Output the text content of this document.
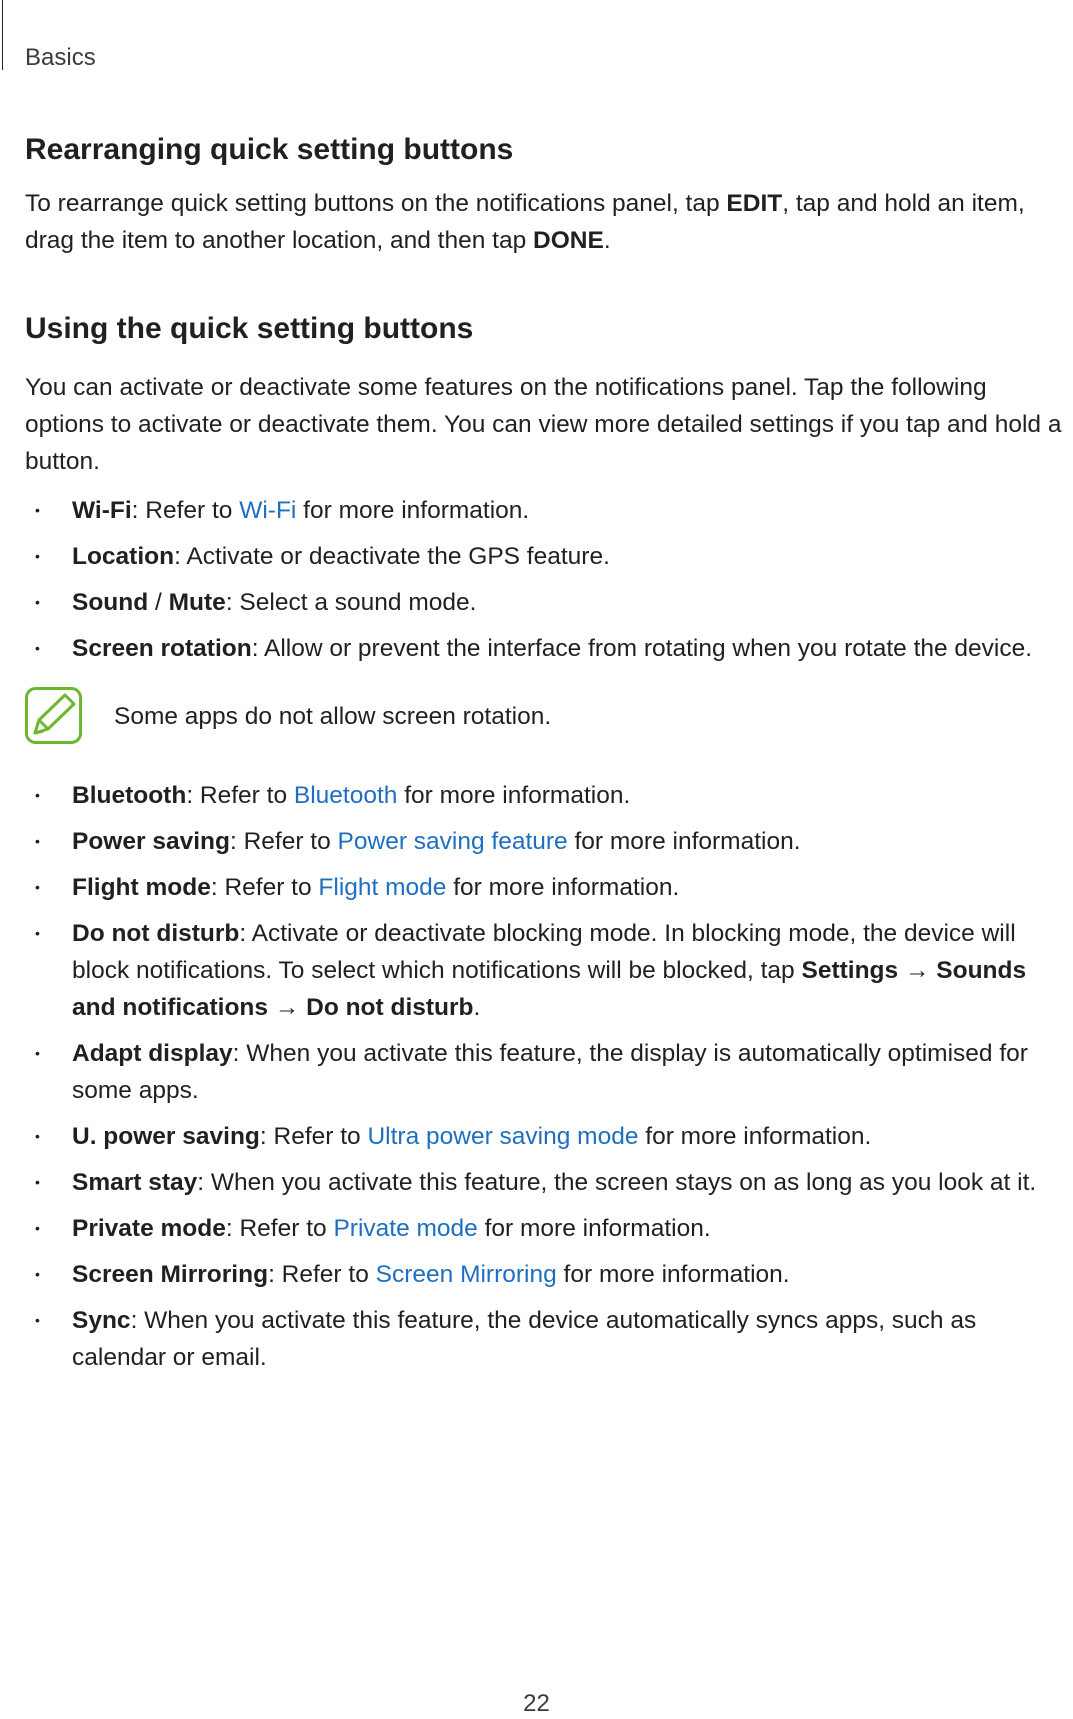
Basics
Rearranging quick setting buttons

To rearrange quick setting buttons on the notifications panel, tap EDIT, tap and hold an item, drag the item to another location, and then tap DONE.

Using the quick setting buttons

You can activate or deactivate some features on the notifications panel. Tap the following options to activate or deactivate them. You can view more detailed settings if you tap and hold a button.

• Wi-Fi: Refer to Wi-Fi for more information.
• Location: Activate or deactivate the GPS feature.
• Sound / Mute: Select a sound mode.
• Screen rotation: Allow or prevent the interface from rotating when you rotate the device.
Some apps do not allow screen rotation.
• Bluetooth: Refer to Bluetooth for more information.
• Power saving: Refer to Power saving feature for more information.
• Flight mode: Refer to Flight mode for more information.
• Do not disturb: Activate or deactivate blocking mode. In blocking mode, the device will block notifications. To select which notifications will be blocked, tap Settings → Sounds and notifications → Do not disturb.
• Adapt display: When you activate this feature, the display is automatically optimised for some apps.
• U. power saving: Refer to Ultra power saving mode for more information.
• Smart stay: When you activate this feature, the screen stays on as long as you look at it.
• Private mode: Refer to Private mode for more information.
• Screen Mirroring: Refer to Screen Mirroring for more information.
• Sync: When you activate this feature, the device automatically syncs apps, such as calendar or email.
22
